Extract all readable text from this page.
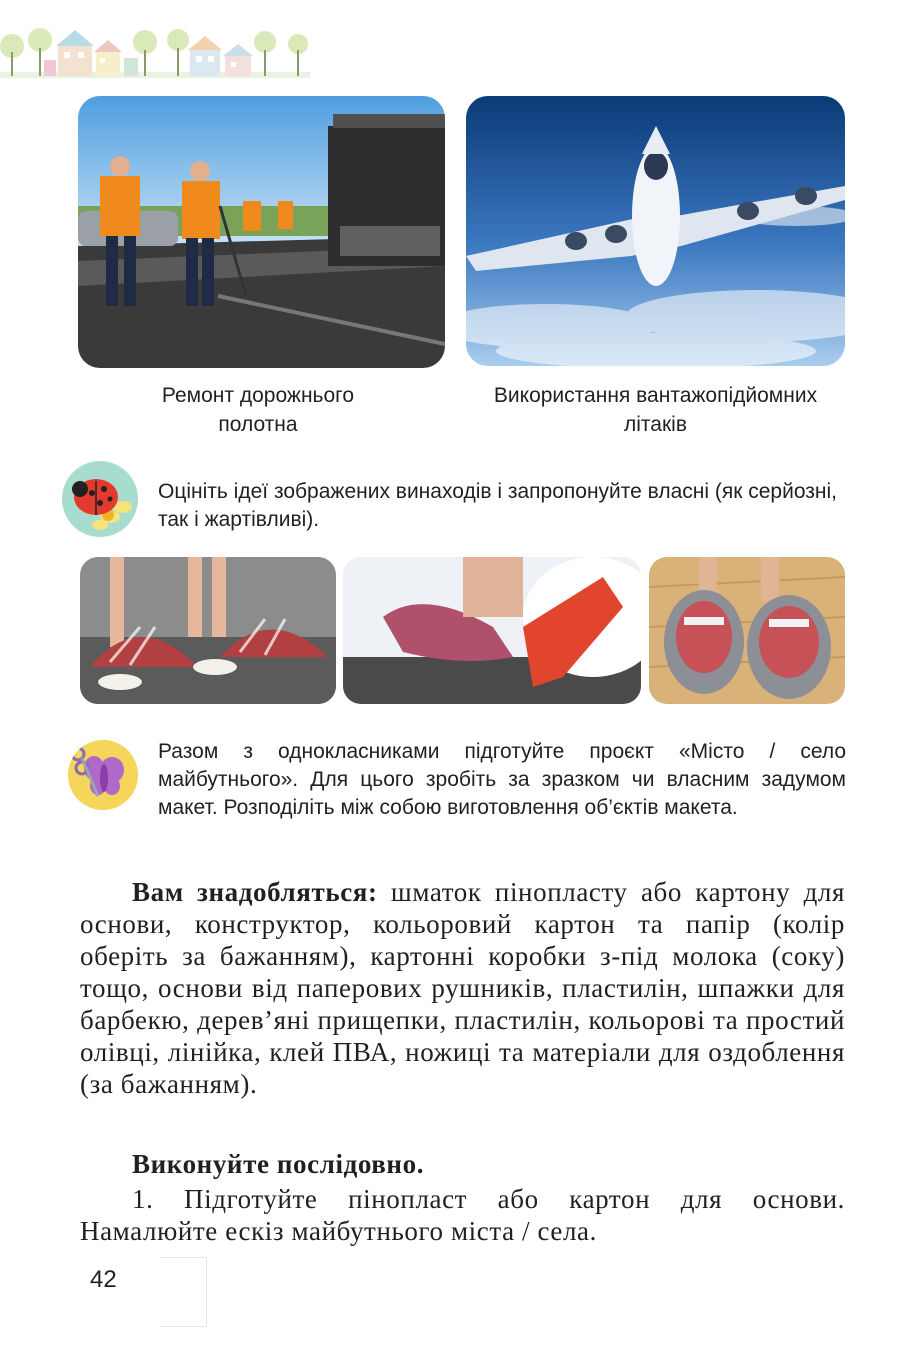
Ремонт дорожнього полотна
Використання вантажопідйомних літаків
Оцініть ідеї зображених винаходів і запропонуйте власні (як серйозні, так і жартівливі).
Разом з однокласниками підготуйте проєкт «Місто / село майбутнього». Для цього зробіть за зразком чи власним задумом макет. Розподіліть між собою виготовлення об’єктів макета.
Вам знадобляться: шматок пінопласту або картону для основи, конструктор, кольоровий картон та папір (колір оберіть за бажанням), картонні коробки з-під молока (соку) тощо, основи від паперових рушників, пластилін, шпажки для барбекю, дерев’яні прищепки, пластилін, кольорові та простий олівці, лінійка, клей ПВА, ножиці та матеріали для оздоблення (за бажанням).
Виконуйте послідовно.
1. Підготуйте пінопласт або картон для основи. Намалюйте ескіз майбутнього міста / села.
42
